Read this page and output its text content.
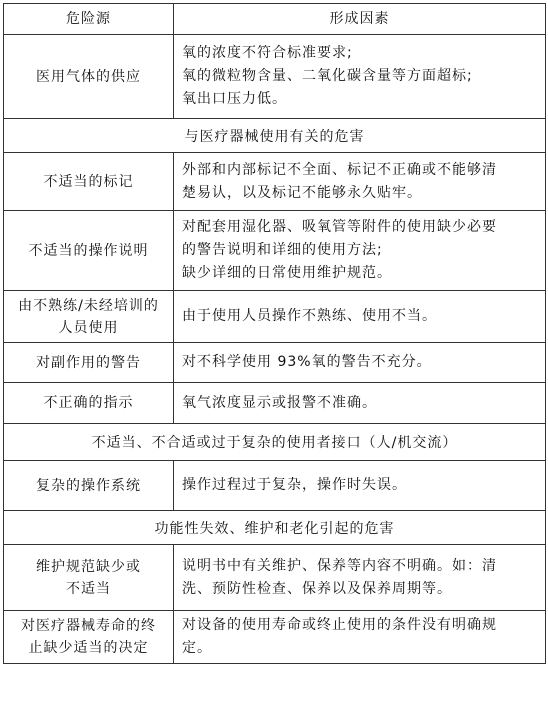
危险源	形成因素

医用气体的供应	氧的浓度不符合标准要求;
氧的微粒物含量、二氧化碳含量等方面超标;
氧出口压力低。

与医疗器械使用有关的危害	

不适当的标记	外部和内部标记不全面、标记不正确或不能够清
楚易认，以及标记不能够永久贴牢。

不适当的操作说明	对配套用湿化器、吸氧管等附件的使用缺少必要
的警告说明和详细的使用方法;
缺少详细的日常使用维护规范。

由不熟练/未经培训的
人员使用	由于使用人员操作不熟练、使用不当。

对副作用的警告	对不科学使用 93%氧的警告不充分。

不正确的指示	氧气浓度显示或报警不准确。

不适当、不合适或过于复杂的使用者接口（人/机交流）	

复杂的操作系统	操作过程过于复杂，操作时失误。

功能性失效、维护和老化引起的危害	

维护规范缺少或
不适当	说明书中有关维护、保养等内容不明确。如：清
洗、预防性检查、保养以及保养周期等。

对医疗器械寿命的终
止缺少适当的决定	对设备的使用寿命或终止使用的条件没有明确规
定。
